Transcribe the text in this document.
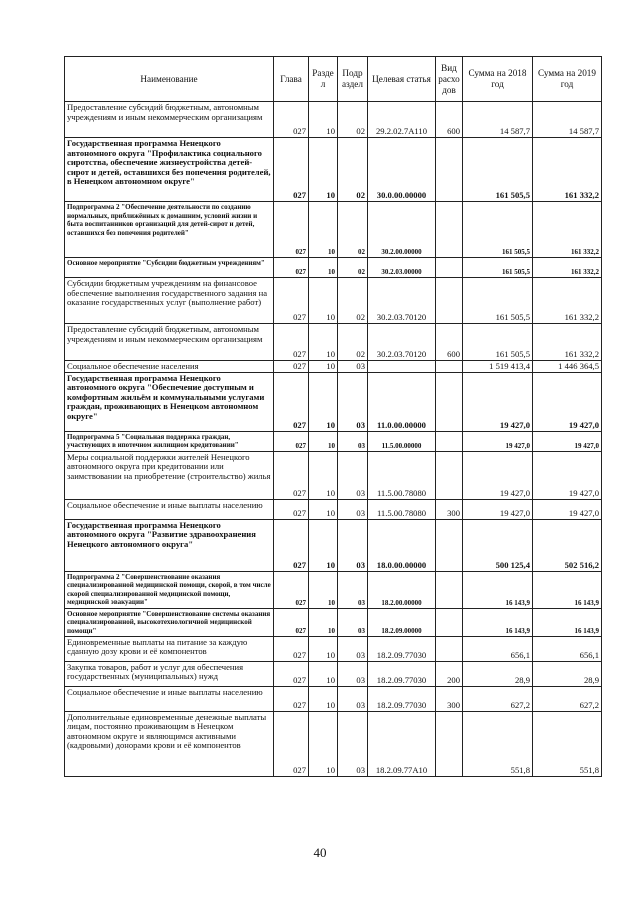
Наименование	Глава	Разде л	Подр аздел	Целевая статья	Вид расхо дов	Сумма на 2018 год	Сумма на 2019 год
Предоставление субсидий бюджетным, автономным учреждениям и иным некоммерческим организациям	027	10	02	29.2.02.7А110	600	14 587,7	14 587,7
Государственная программа Ненецкого автономного округа "Профилактика социального сиротства, обеспечение жизнеустройства детей-сирот и детей, оставшихся без попечения родителей, в Ненецком автономном округе"	027	10	02	30.0.00.00000		161 505,5	161 332,2
Подпрограмма 2 "Обеспечение деятельности по созданию нормальных, приближённых к домашним, условий жизни и быта воспитанников организаций для детей-сирот и детей, оставшихся без попечения родителей"	027	10	02	30.2.00.00000		161 505,5	161 332,2
Основное мероприятие "Субсидии бюджетным учреждениям"	027	10	02	30.2.03.00000		161 505,5	161 332,2
Субсидии бюджетным учреждениям на финансовое обеспечение выполнения государственного задания на оказание государственных услуг (выполнение работ)	027	10	02	30.2.03.70120		161 505,5	161 332,2
Предоставление субсидий бюджетным, автономным учреждениям и иным некоммерческим организациям	027	10	02	30.2.03.70120	600	161 505,5	161 332,2
Социальное обеспечение населения	027	10	03			1 519 413,4	1 446 364,5
Государственная программа Ненецкого автономного округа "Обеспечение доступным и комфортным жильём и коммунальными услугами граждан, проживающих в Ненецком автономном округе"	027	10	03	11.0.00.00000		19 427,0	19 427,0
Подпрограмма 5 "Социальная поддержка граждан, участвующих в ипотечном жилищном кредитовании"	027	10	03	11.5.00.00000		19 427,0	19 427,0
Меры социальной поддержки жителей Ненецкого автономного округа при кредитовании или заимствовании на приобретение (строительство) жилья	027	10	03	11.5.00.78080		19 427,0	19 427,0
Социальное обеспечение и иные выплаты населению	027	10	03	11.5.00.78080	300	19 427,0	19 427,0
Государственная программа Ненецкого автономного округа "Развитие здравоохранения Ненецкого автономного округа"	027	10	03	18.0.00.00000		500 125,4	502 516,2
Подпрограмма 2 "Совершенствование оказания специализированной медицинской помощи, скорой, в том числе скорой специализированной медицинской помощи, медицинской эвакуации"	027	10	03	18.2.00.00000		16 143,9	16 143,9
Основное мероприятие "Совершенствование системы оказания специализированной, высокотехнологичной медицинской помощи"	027	10	03	18.2.09.00000		16 143,9	16 143,9
Единовременные выплаты на питание за каждую сданную дозу крови и её компонентов	027	10	03	18.2.09.77030		656,1	656,1
Закупка товаров, работ и услуг для обеспечения государственных (муниципальных) нужд	027	10	03	18.2.09.77030	200	28,9	28,9
Социальное обеспечение и иные выплаты населению	027	10	03	18.2.09.77030	300	627,2	627,2
Дополнительные единовременные денежные выплаты лицам, постоянно проживающим в Ненецком автономном округе и являющимся активными (кадровыми) донорами крови и её компонентов	027	10	03	18.2.09.77А10		551,8	551,8
40
